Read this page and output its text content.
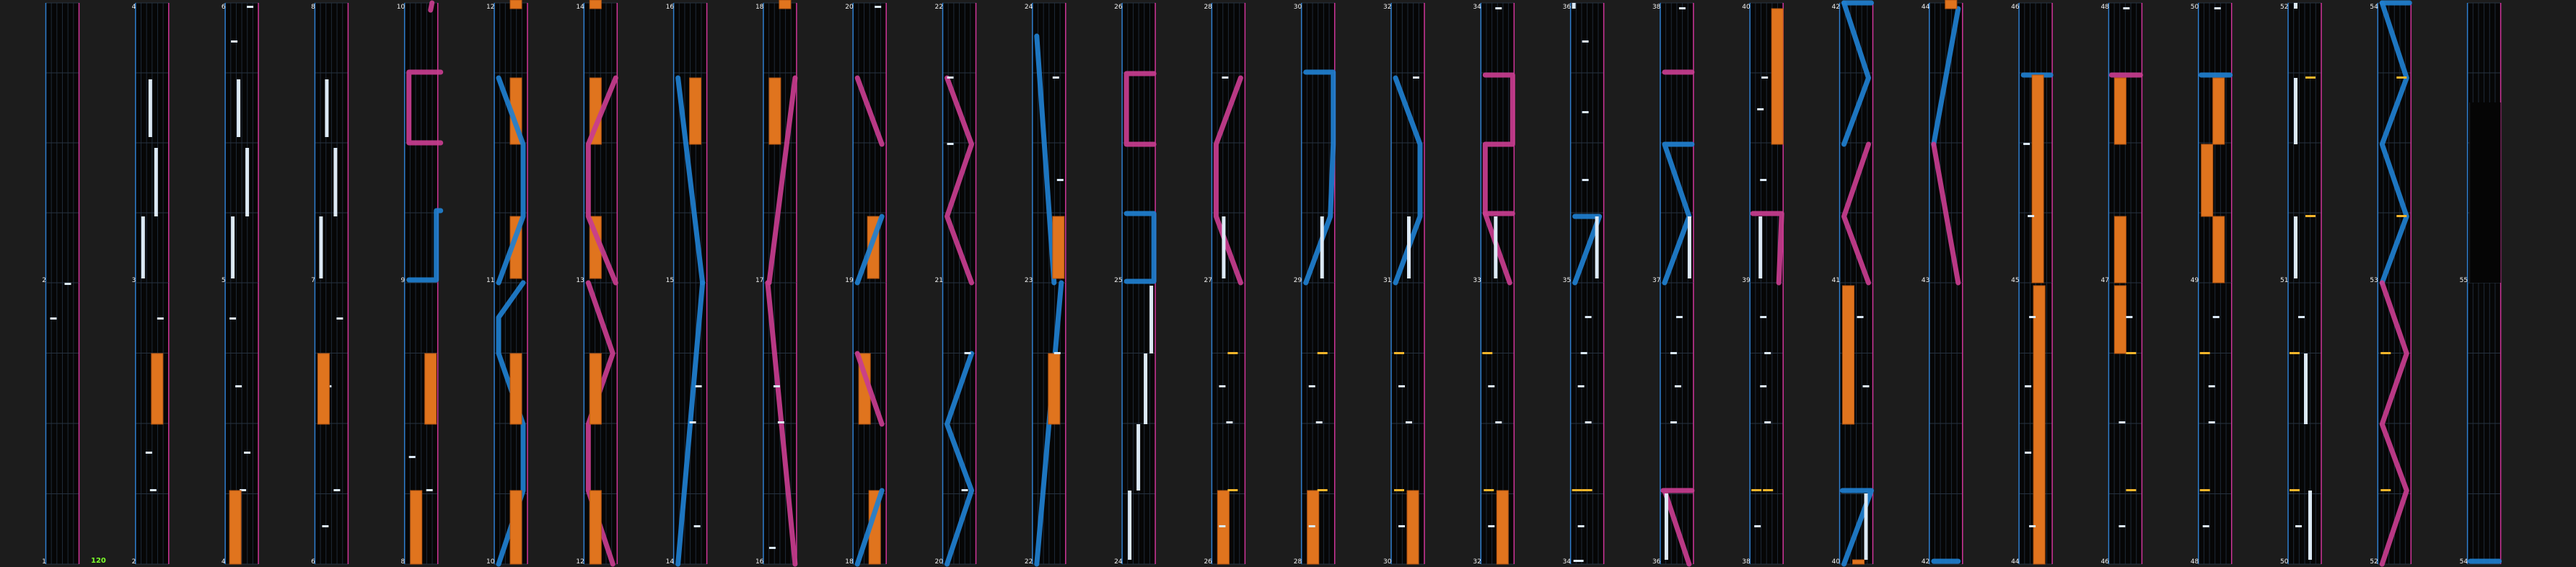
2	3	5	7	9	11	13	15	17	19	21	23	25	27	29	31	33	35	37	39	41	43	45	47	49	51	53	55
1	2	4	6	8	10	12	14	16	18	20	22	24	26	28	30	32	34	36	38	40	42	44	46	48	50	52	54
4	6	8	10	12	14	16	18	20	22	24	26	28	30	32	34	36	38	40	42	44	46	48	50	52	54
120
